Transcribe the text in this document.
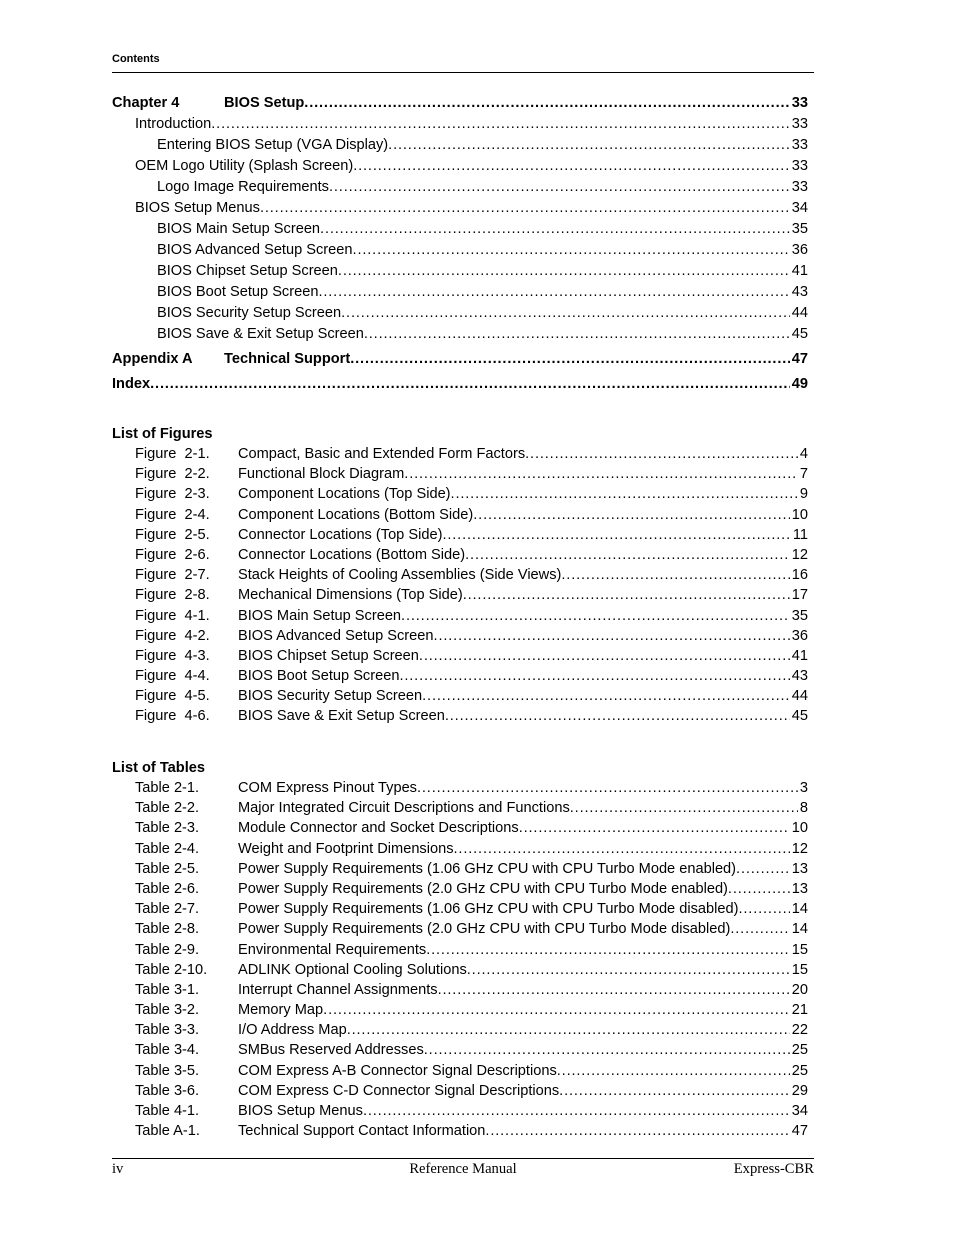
Contents
Chapter 4	BIOS Setup . . .	33
Introduction . . .	33
Entering BIOS Setup (VGA Display) . . .	33
OEM Logo Utility (Splash Screen) . . .	33
Logo Image Requirements . . .	33
BIOS Setup Menus . . .	34
BIOS Main Setup Screen . . .	35
BIOS Advanced Setup Screen . . .	36
BIOS Chipset Setup Screen . . .	41
BIOS Boot Setup Screen . . .	43
BIOS Security Setup Screen . . .	44
BIOS Save & Exit Setup Screen . . .	45
Appendix A Technical Support . . .	47
Index . . .	49
List of Figures
Figure  2-1.	Compact, Basic and Extended Form Factors . . .	4
Figure  2-2.	Functional Block Diagram . . .	7
Figure  2-3.	Component Locations (Top Side) . . .	9
Figure  2-4.	Component Locations (Bottom Side) . . .	10
Figure  2-5.	Connector Locations (Top Side) . . .	11
Figure  2-6.	Connector Locations (Bottom Side) . . .	12
Figure  2-7.	Stack Heights of Cooling Assemblies (Side Views) . . .	16
Figure  2-8.	Mechanical Dimensions (Top Side) . . .	17
Figure  4-1.	BIOS Main Setup Screen . . .	35
Figure  4-2.	BIOS Advanced Setup Screen . . .	36
Figure  4-3.	BIOS Chipset Setup Screen . . .	41
Figure  4-4.	BIOS Boot Setup Screen . . .	43
Figure  4-5.	BIOS Security Setup Screen . . .	44
Figure  4-6.	BIOS Save & Exit Setup Screen . . .	45
List of Tables
Table 2-1.	COM Express Pinout Types . . .	3
Table 2-2.	Major Integrated Circuit Descriptions and Functions . . .	8
Table 2-3.	Module Connector and Socket Descriptions . . .	10
Table 2-4.	Weight and Footprint Dimensions . . .	12
Table 2-5.	Power Supply Requirements (1.06 GHz CPU with CPU Turbo Mode enabled) . . .	13
Table 2-6.	Power Supply Requirements (2.0 GHz CPU with CPU Turbo Mode enabled) . . .	13
Table 2-7.	Power Supply Requirements (1.06 GHz CPU with CPU Turbo Mode disabled) . . .	14
Table 2-8.	Power Supply Requirements (2.0 GHz CPU with CPU Turbo Mode disabled) . . .	14
Table 2-9.	Environmental Requirements . . .	15
Table 2-10.	ADLINK Optional Cooling Solutions . . .	15
Table 3-1.	Interrupt Channel Assignments . . .	20
Table 3-2.	Memory Map . . .	21
Table 3-3.	I/O Address Map . . .	22
Table 3-4.	SMBus Reserved Addresses . . .	25
Table 3-5.	COM Express A-B Connector Signal Descriptions . . .	25
Table 3-6.	COM Express C-D Connector Signal Descriptions . . .	29
Table 4-1.	BIOS Setup Menus . . .	34
Table A-1.	Technical Support Contact Information . . .	47
iv	Reference Manual	Express-CBR
